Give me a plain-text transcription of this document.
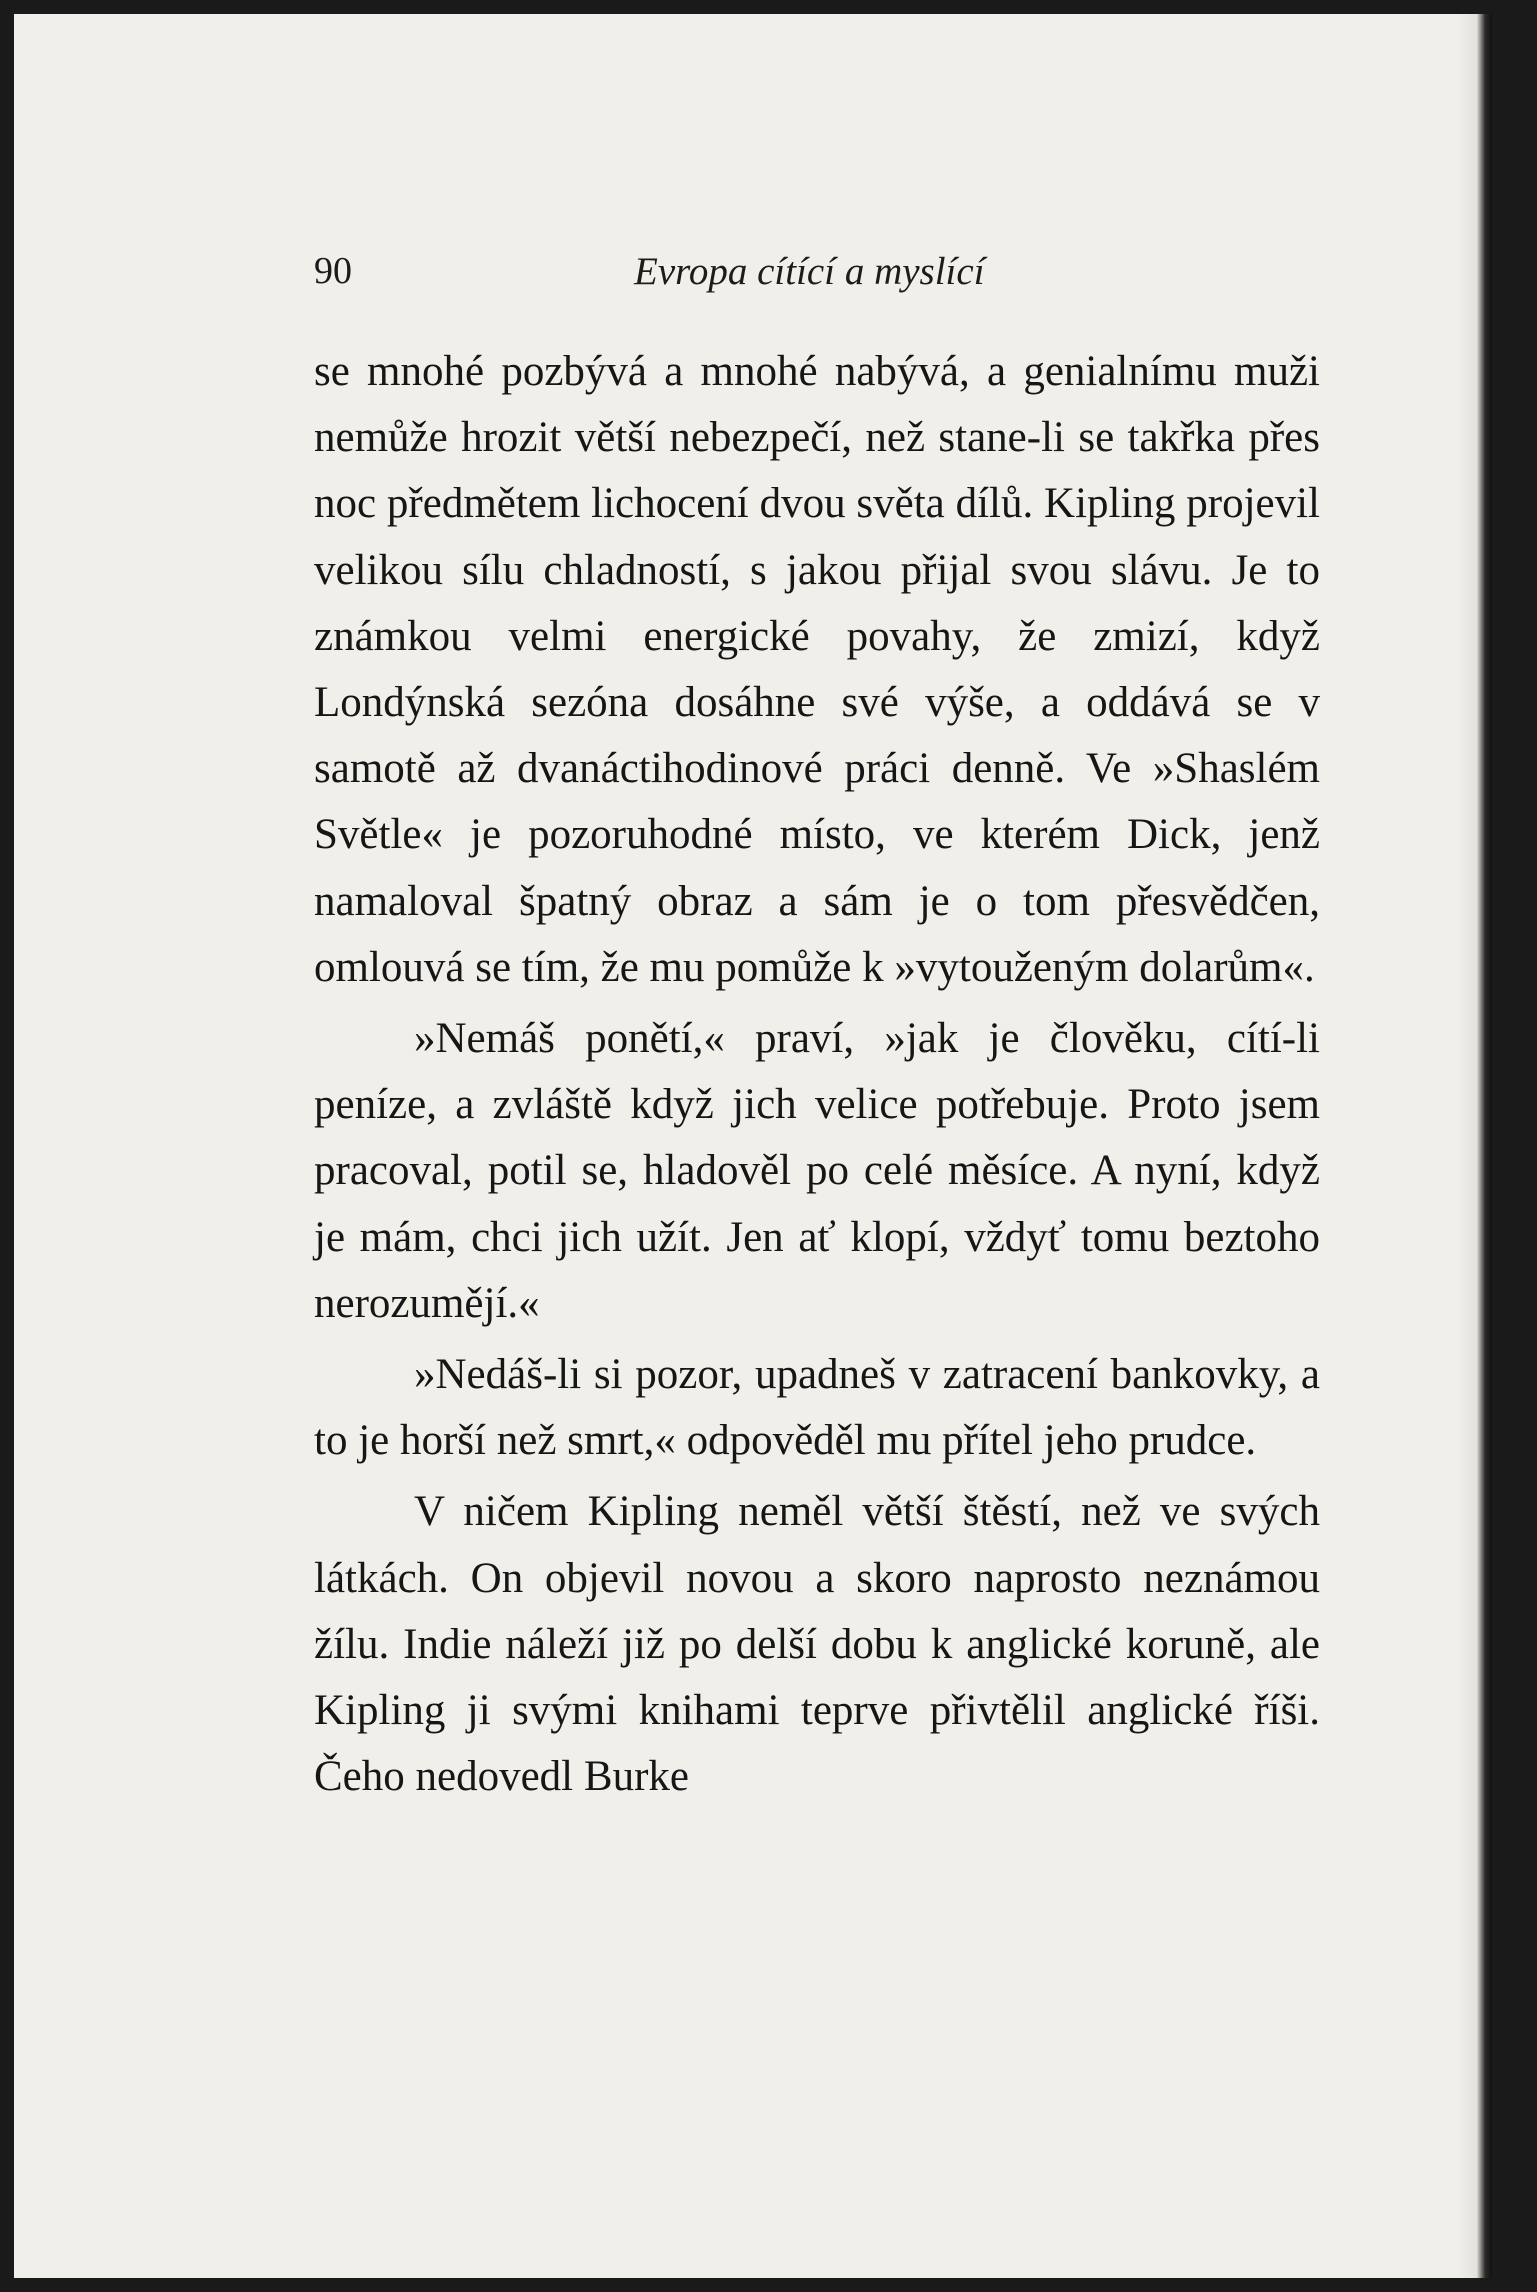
90	Evropa cítící a myslící

se mnohé pozbývá a mnohé nabývá, a genialnímu muži nemůže hrozit větší nebezpečí, než stane-li se takřka přes noc předmětem lichocení dvou světa dílů. Kipling projevil velikou sílu chladností, s jakou přijal svou slávu. Je to známkou velmi energické povahy, že zmizí, když Londýnská sezóna dosáhne své výše, a oddává se v samotě až dvanáctihodinové práci denně. Ve »Shaslém Světle« je pozoruhodné místo, ve kterém Dick, jenž namaloval špatný obraz a sám je o tom přesvědčen, omlouvá se tím, že mu pomůže k »vytouženým dolarům«.

»Nemáš ponětí,« praví, »jak je člověku, cítí-li peníze, a zvláště když jich velice potřebuje. Proto jsem pracoval, potil se, hladověl po celé měsíce. A nyní, když je mám, chci jich užít. Jen ať klopí, vždyť tomu beztoho nerozumějí.«

»Nedáš-li si pozor, upadneš v zatracení bankovky, a to je horší než smrt,« odpověděl mu přítel jeho prudce.

V ničem Kipling neměl větší štěstí, než ve svých látkách. On objevil novou a skoro naprosto neznámou žílu. Indie náleží již po delší dobu k anglické koruně, ale Kipling ji svými knihami teprve přivtělil anglické říši. Čeho nedovedl Burke
